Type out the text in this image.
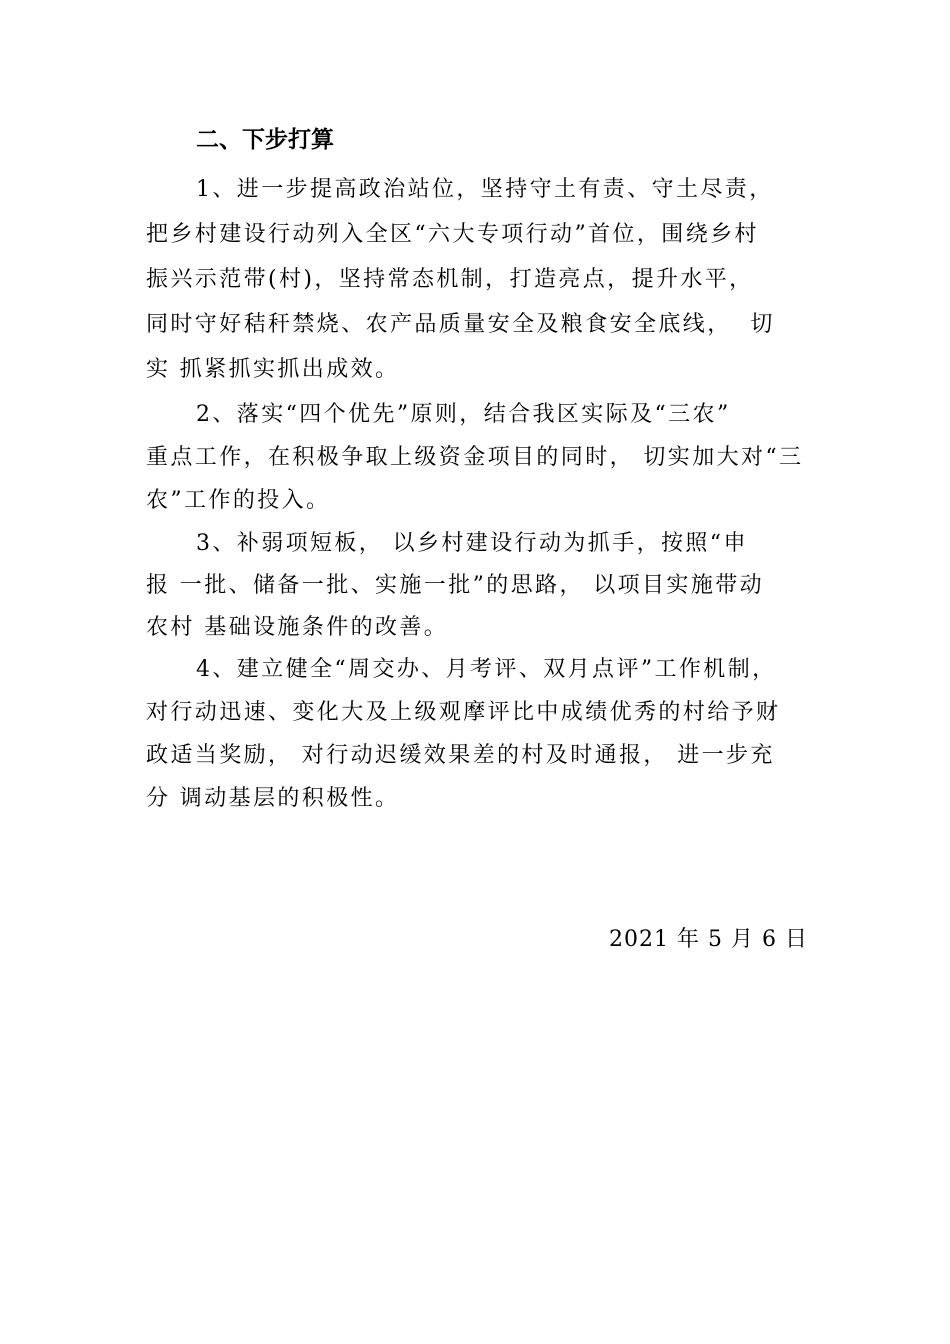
二、下步打算
1、进一步提高政治站位，坚持守土有责、守土尽责，
把乡村建设行动列入全区“六大专项行动”首位，围绕乡村
振兴示范带(村)，坚持常态机制，打造亮点，提升水平，
同时守好秸秆禁烧、农产品质量安全及粮食安全底线，  切
实 抓紧抓实抓出成效。
2、落实“四个优先”原则，结合我区实际及“三农”
重点工作，在积极争取上级资金项目的同时， 切实加大对“三
农”工作的投入。
3、补弱项短板， 以乡村建设行动为抓手，按照“申
报 一批、储备一批、实施一批”的思路， 以项目实施带动
农村 基础设施条件的改善。
4、建立健全“周交办、月考评、双月点评”工作机制，
对行动迅速、变化大及上级观摩评比中成绩优秀的村给予财
政适当奖励， 对行动迟缓效果差的村及时通报， 进一步充
分 调动基层的积极性。
2021 年 5 月 6 日
